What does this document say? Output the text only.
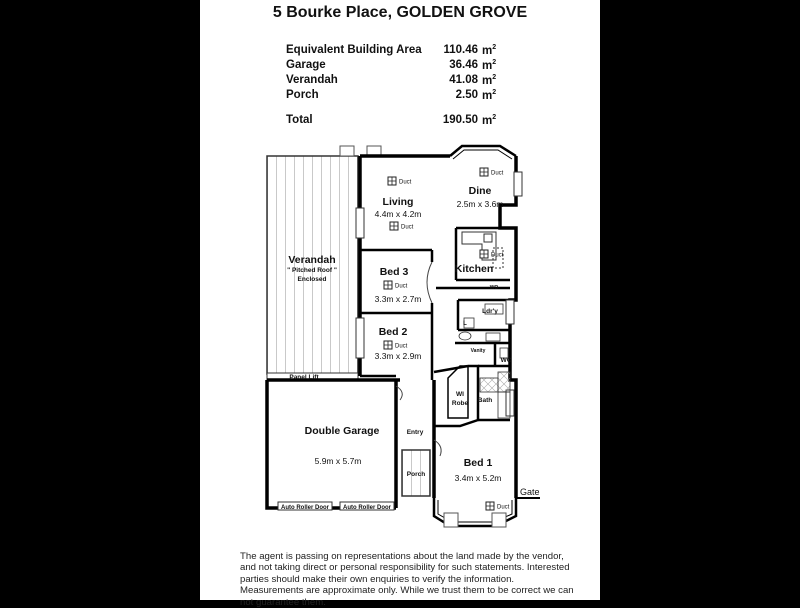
5 Bourke Place, GOLDEN GROVE
Equivalent Building Area 110.46 $m^2$
Garage	36.46 $m^2$
Verandah	41.08 $m^2$
Porch	2.50 $m^2$
Total	190.50 $m^2$
Duct
Duct
Duct
Duct
Duct
Duct
Duct
Living
Dine
Kitchen
Verandah
Bed 3
Bed 2
Bed 1
Double Garage
4.4m x 4.2m
2.5m x 3.6m
3.3m x 2.7m
3.3m x 2.9m
3.4m x 5.2m
5.9m x 5.7m
" Pitched Roof "
Enclosed
Entry
Porch
Ldr'y
Bath
WI
Robe
WC
Vanity
WO
L
Panel Lift
Auto Roller Door Auto Roller Door
Gate
The agent is passing on representations about the land made by the vendor, and not taking direct or personal responsibility for such statements. Interested parties should make their own enquiries to verify the information. Measurements are approximate only. While we trust them to be correct we can not guarantee them.
